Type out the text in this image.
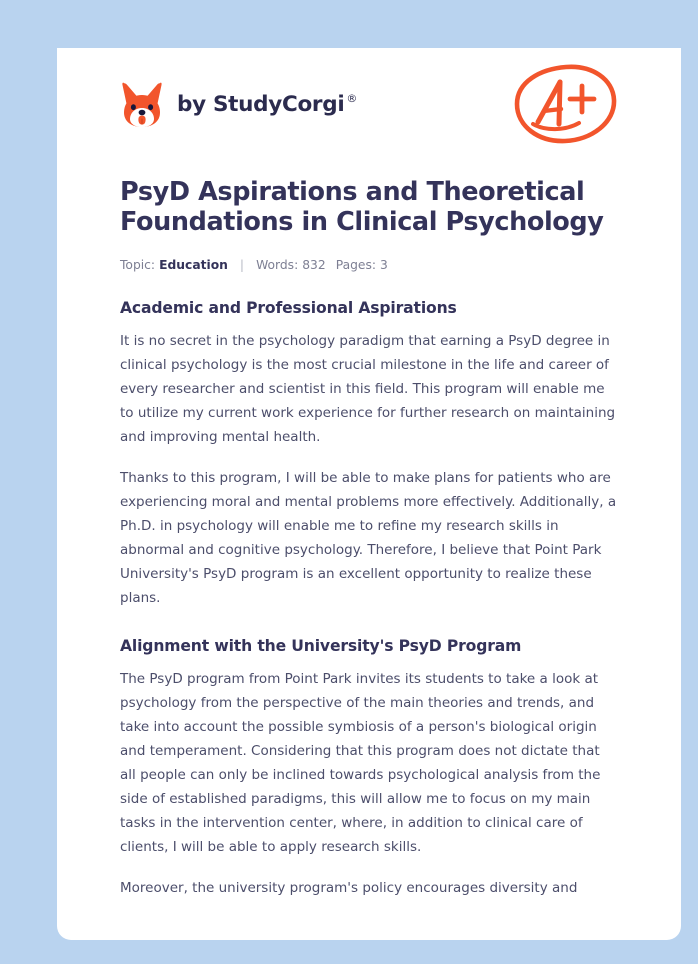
by StudyCorgi ®
PsyD Aspirations and Theoretical Foundations in Clinical Psychology
Topic: Education | Words: 832 Pages: 3
Academic and Professional Aspirations

It is no secret in the psychology paradigm that earning a PsyD degree in clinical psychology is the most crucial milestone in the life and career of every researcher and scientist in this field. This program will enable me to utilize my current work experience for further research on maintaining and improving mental health.

Thanks to this program, I will be able to make plans for patients who are experiencing moral and mental problems more effectively. Additionally, a Ph.D. in psychology will enable me to refine my research skills in abnormal and cognitive psychology. Therefore, I believe that Point Park University's PsyD program is an excellent opportunity to realize these plans.

Alignment with the University's PsyD Program

The PsyD program from Point Park invites its students to take a look at psychology from the perspective of the main theories and trends, and take into account the possible symbiosis of a person's biological origin and temperament. Considering that this program does not dictate that all people can only be inclined towards psychological analysis from the side of established paradigms, this will allow me to focus on my main tasks in the intervention center, where, in addition to clinical care of clients, I will be able to apply research skills.

Moreover, the university program's policy encourages diversity and
